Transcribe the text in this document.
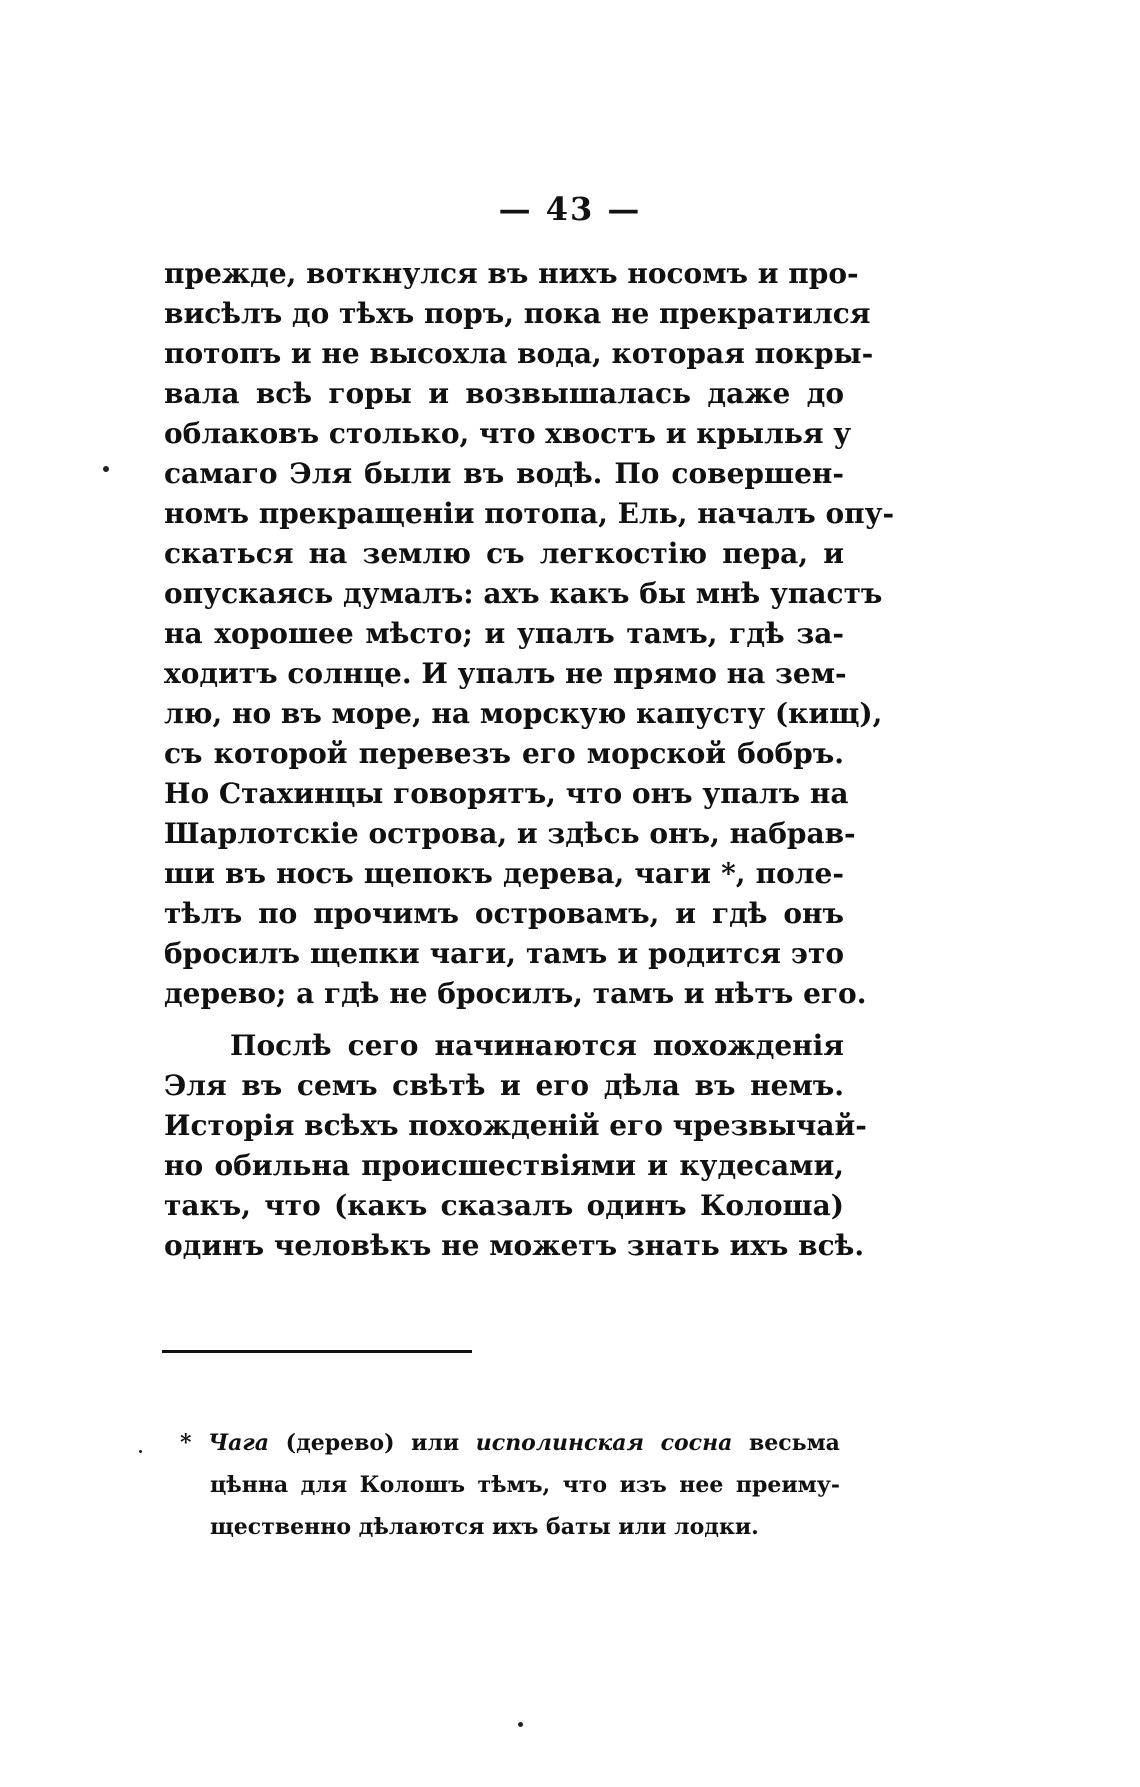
— 43 —
прежде, воткнулся въ нихъ носомъ и про-
висѣлъ до тѣхъ поръ, пока не прекратился
потопъ и не высохла вода, которая покры-
вала всѣ горы и возвышалась даже до
облаковъ столько, что хвостъ и крылья у
самаго Эля были въ водѣ. По совершен-
номъ прекращеніи потопа, Ель, началъ опу-
скаться на землю съ легкостію пера, и
опускаясь думалъ: ахъ какъ бы мнѣ упастъ
на хорошее мѣсто; и упалъ тамъ, гдѣ за-
ходитъ солнце. И упалъ не прямо на зем-
лю, но въ море, на морскую капусту (кищ),
съ которой перевезъ его морской бобръ.
Но Стахинцы говорятъ, что онъ упалъ на
Шарлотскіе острова, и здѣсь онъ, набрав-
ши въ носъ щепокъ дерева, чаги *, поле-
тѣлъ по прочимъ островамъ, и гдѣ онъ
бросилъ щепки чаги, тамъ и родится это
дерево; а гдѣ не бросилъ, тамъ и нѣтъ его.
Послѣ сего начинаются похожденія
Эля въ семъ свѣтѣ и его дѣла въ немъ.
Исторія всѣхъ похожденій его чрезвычай-
но обильна происшествіями и кудесами,
такъ, что (какъ сказалъ одинъ Колоша)
одинъ человѣкъ не можетъ знать ихъ всѣ.
* Чага (дерево) или исполинская сосна весьма
цѣнна для Колошъ тѣмъ, что изъ нее преиму-
щественно дѣлаются ихъ баты или лодки.
